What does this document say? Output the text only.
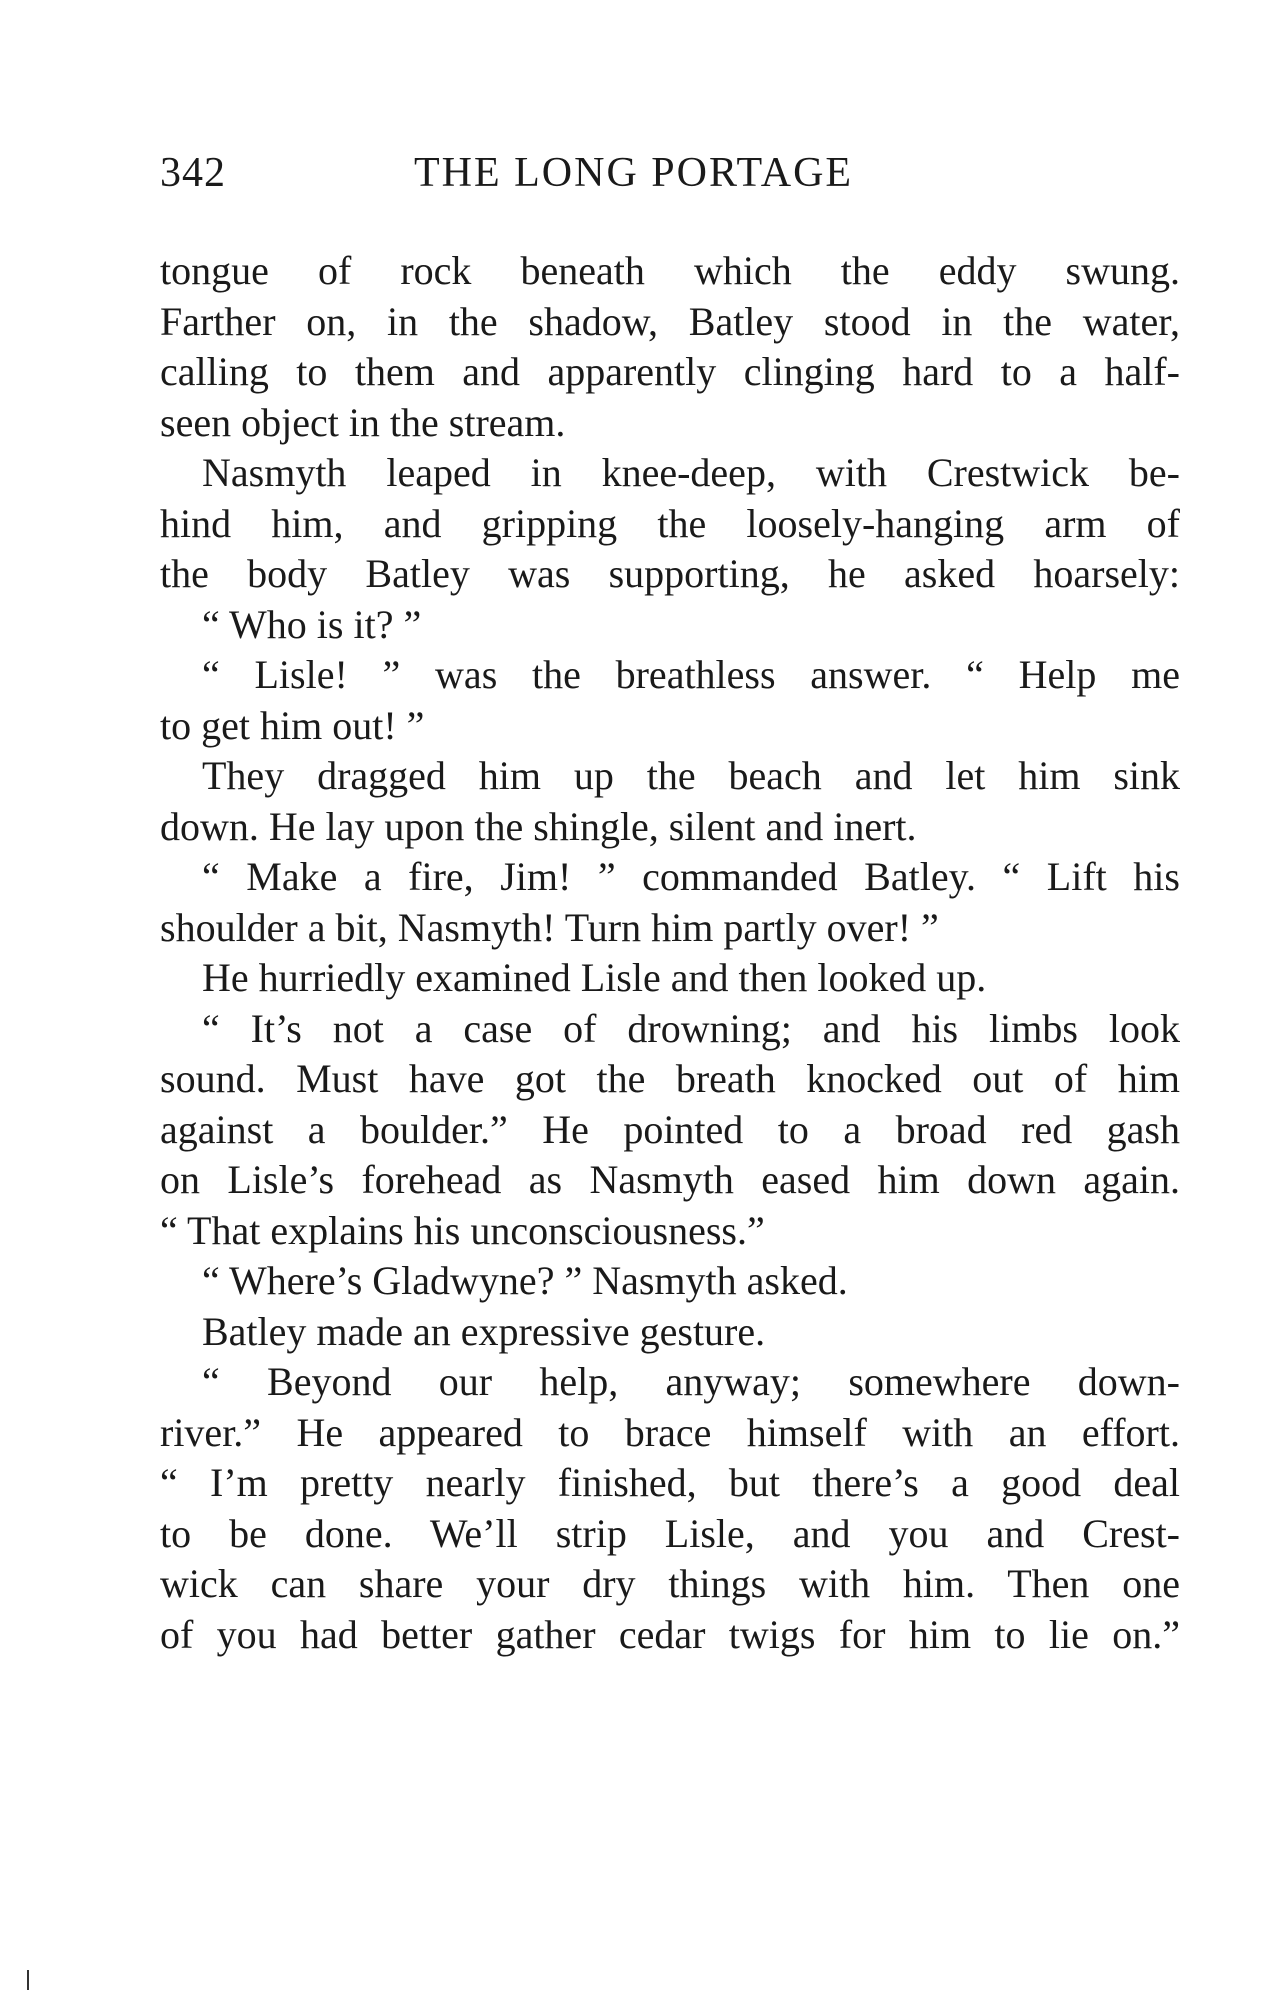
342	THE LONG PORTAGE
tongue of rock beneath which the eddy swung.
Farther on, in the shadow, Batley stood in the water,
calling to them and apparently clinging hard to a half-
seen object in the stream.
Nasmyth leaped in knee-deep, with Crestwick be-
hind him, and gripping the loosely-hanging arm of
the body Batley was supporting, he asked hoarsely:
“ Who is it? ”
“ Lisle! ” was the breathless answer. “ Help me
to get him out! ”
They dragged him up the beach and let him sink
down. He lay upon the shingle, silent and inert.
“ Make a fire, Jim! ” commanded Batley. “ Lift his
shoulder a bit, Nasmyth! Turn him partly over! ”
He hurriedly examined Lisle and then looked up.
“ It’s not a case of drowning; and his limbs look
sound. Must have got the breath knocked out of him
against a boulder.” He pointed to a broad red gash
on Lisle’s forehead as Nasmyth eased him down again.
“ That explains his unconsciousness.”
“ Where’s Gladwyne? ” Nasmyth asked.
Batley made an expressive gesture.
“ Beyond our help, anyway; somewhere down-
river.” He appeared to brace himself with an effort.
“ I’m pretty nearly finished, but there’s a good deal
to be done. We’ll strip Lisle, and you and Crest-
wick can share your dry things with him. Then one
of you had better gather cedar twigs for him to lie on.”
